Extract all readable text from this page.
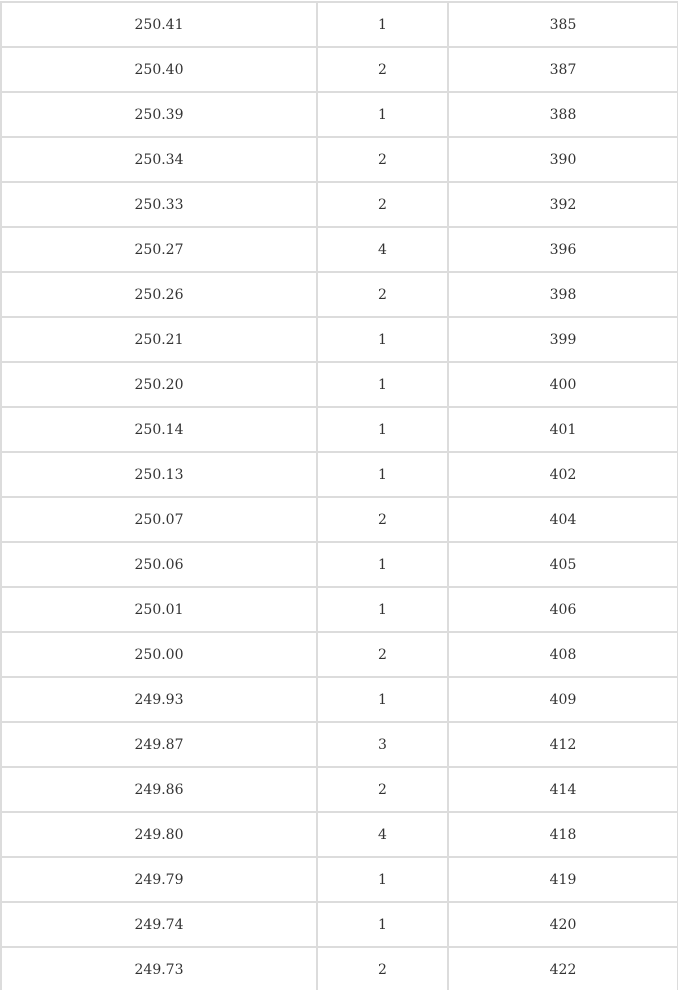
250.41	1	385
250.40	2	387
250.39	1	388
250.34	2	390
250.33	2	392
250.27	4	396
250.26	2	398
250.21	1	399
250.20	1	400
250.14	1	401
250.13	1	402
250.07	2	404
250.06	1	405
250.01	1	406
250.00	2	408
249.93	1	409
249.87	3	412
249.86	2	414
249.80	4	418
249.79	1	419
249.74	1	420
249.73	2	422
